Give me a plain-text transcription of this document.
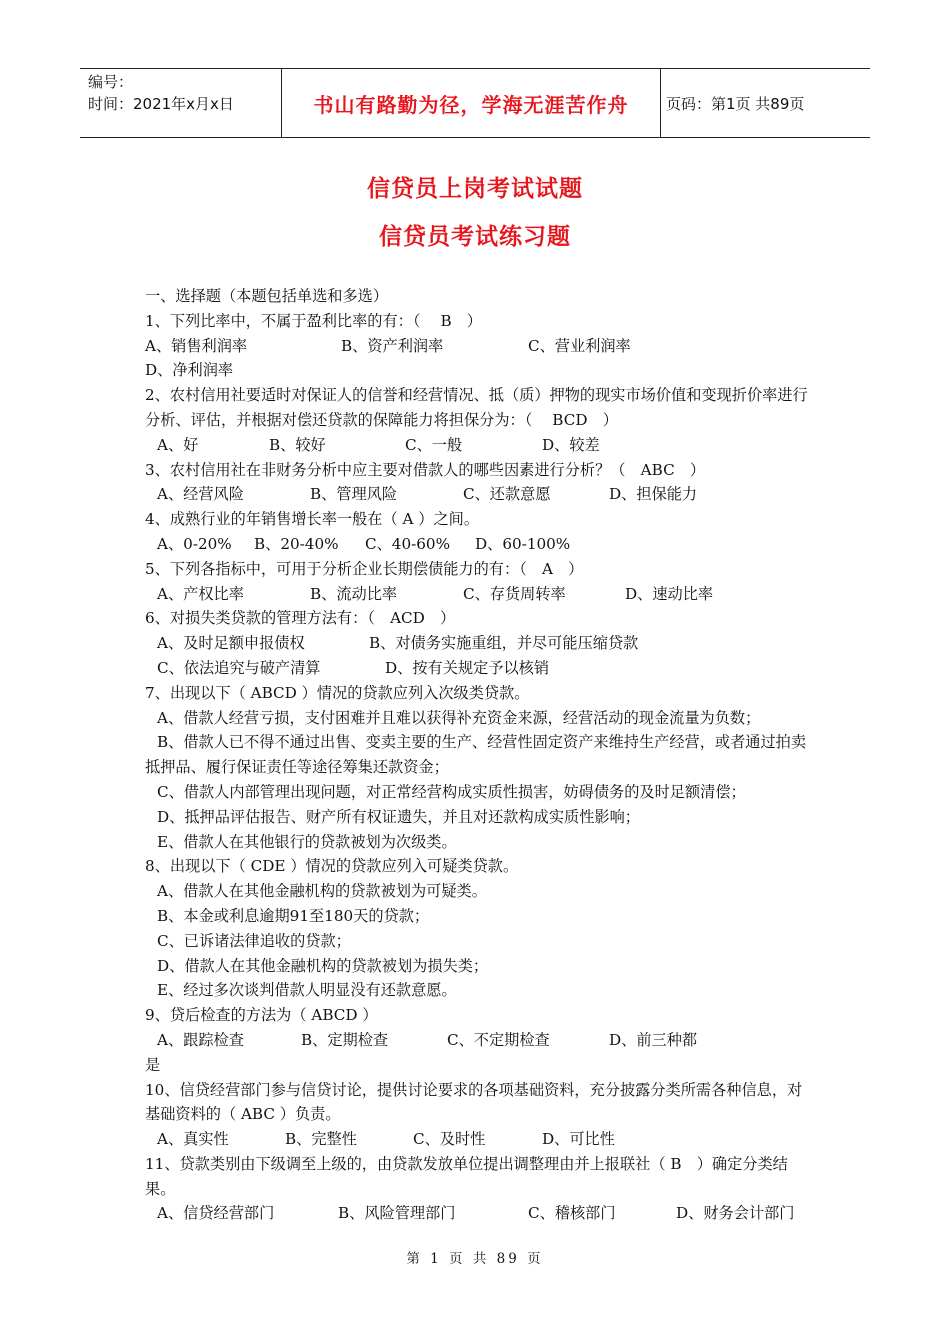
编号：
时间：2021年x月x日	书山有路勤为径，学海无涯苦作舟	页码：第1页 共89页
信贷员上岗考试试题
信贷员考试练习题
一、选择题（本题包括单选和多选）
1、下列比率中，不属于盈利比率的有：（　 B　）
A、销售利润率	B、资产利润率	C、营业利润率
D、净利润率
2、农村信用社要适时对保证人的信誉和经营情况、抵（质）押物的现实市场价值和变现折价率进行分析、评估，并根据对偿还贷款的保障能力将担保分为：（　 BCD　）
A、好	B、较好	C、一般	D、较差
3、农村信用社在非财务分析中应主要对借款人的哪些因素进行分析？（　ABC　）
A、经营风险	B、管理风险	C、还款意愿	D、担保能力
4、成熟行业的年销售增长率一般在（ A ）之间。
A、0-20%	B、20-40%	C、40-60%	D、60-100%
5、下列各指标中，可用于分析企业长期偿债能力的有：（　A　）
A、产权比率	B、流动比率	C、存货周转率	D、速动比率
6、对损失类贷款的管理方法有：（　ACD　）
A、及时足额申报债权	B、对债务实施重组，并尽可能压缩贷款
C、依法追究与破产清算	D、按有关规定予以核销
7、出现以下（ ABCD ）情况的贷款应列入次级类贷款。
A、借款人经营亏损，支付困难并且难以获得补充资金来源，经营活动的现金流量为负数；
B、借款人已不得不通过出售、变卖主要的生产、经营性固定资产来维持生产经营，或者通过拍卖抵押品、履行保证责任等途径筹集还款资金；
C、借款人内部管理出现问题，对正常经营构成实质性损害，妨碍债务的及时足额清偿；
D、抵押品评估报告、财产所有权证遗失，并且对还款构成实质性影响；
E、借款人在其他银行的贷款被划为次级类。
8、出现以下（ CDE ）情况的贷款应列入可疑类贷款。
A、借款人在其他金融机构的贷款被划为可疑类。
B、本金或利息逾期91至180天的贷款；
C、已诉诸法律追收的贷款；
D、借款人在其他金融机构的贷款被划为损失类；
E、经过多次谈判借款人明显没有还款意愿。
9、贷后检查的方法为（ ABCD ）
A、跟踪检查	B、定期检查	C、不定期检查	D、前三种都
是
10、信贷经营部门参与信贷讨论，提供讨论要求的各项基础资料，充分披露分类所需各种信息，对基础资料的（ ABC ）负责。
A、真实性	B、完整性	C、及时性	D、可比性
11、贷款类别由下级调至上级的，由贷款发放单位提出调整理由并上报联社（ B　）确定分类结果。
A、信贷经营部门	B、风险管理部门	C、稽核部门	D、财务会计部门
第 1 页 共 89 页
